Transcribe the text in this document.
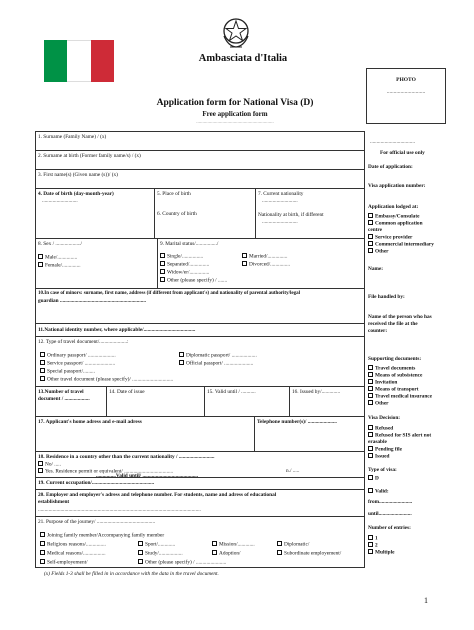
Ambasciata d'Italia
PHOTO
............................
Application form for National Visa (D)
Free application form
..............................................................
1. Surname (Family Name) / (x)
2. Surname at birth (Former family name/s) / (x)
3. First name(s) (Given name (s))/ (x)
4. Date of birth (day-month-year)
...........................
5. Place of birth
6. Country of birth
7. Current nationality
...........................
Nationality at birth, if different
...........................
8. Sex / .................../
Male/...............
Female/..............
9. Marital status/................/
Single/................	Married/...............
Separated/...............	Divorced/...............
Widow/er/...............
Other (please specify) / .......
10.In case of minors: surname, first name, address (if different from applicant's) and nationality of parental authority/legal
guardian .................................................................
11.National identity number, where applicable/.......................................
12. Type of travel document/.....................:
Ordinary passport/ .....................	Diplomatic passport/ ...................
Service passport/ .......................	Official passport/ ......................
Special passport/.........
Other travel document (please specify)/ ...............................
13.Number of travel
document / ...................
14. Date of issue	15. Valid until / ...........	16. Issued by/..............
17. Applicant's home adress and e-mail adress	Telephone number(s)/ ......................
18. Residence in a country other than the current nationality / ...........................
No/ .....
Yes. Residence permit or equivalent/ .....................................	n./ .....
...............Valid until/ ..........................................
19. Current occupation/...............................................
20. Employer and employer's adress and telephone number. For students, name and adress of educational
establishment
...........................................................................................................................
21. Purpose of the journey/ ............................................
Joining family member/Accompanying family member
Religious reasons/...............	Sport/.............	Mission/.............	Diplomatic/
Medical reasons/.................	Study/..................	Adoption/	Subordinate employement/
Self-employement/	Other (please specify) / .......................
..................................
For official use only
Date of application:
Visa application number:
Application lodged at:
Embassy/Consulate
Common application
centre
Service provider
Commercial intermediary
Other
Name:
File handled by:
Name of the person who has
received the file at the
counter:
Supporting documents:
Travel documents
Means of subsistence
Invitation
Means of transport
Travel medical insurance
Other
Visa Decision:
Refused
Refused for SIS alert not
erasable
Pending file
Issued
Type of visa:
D
Valid:
from.........................
until.........................
Number of entries:
1
2
Multiple
(x) Fields 1-3 shall be filled in in accordance with the data in the travel document.
1
